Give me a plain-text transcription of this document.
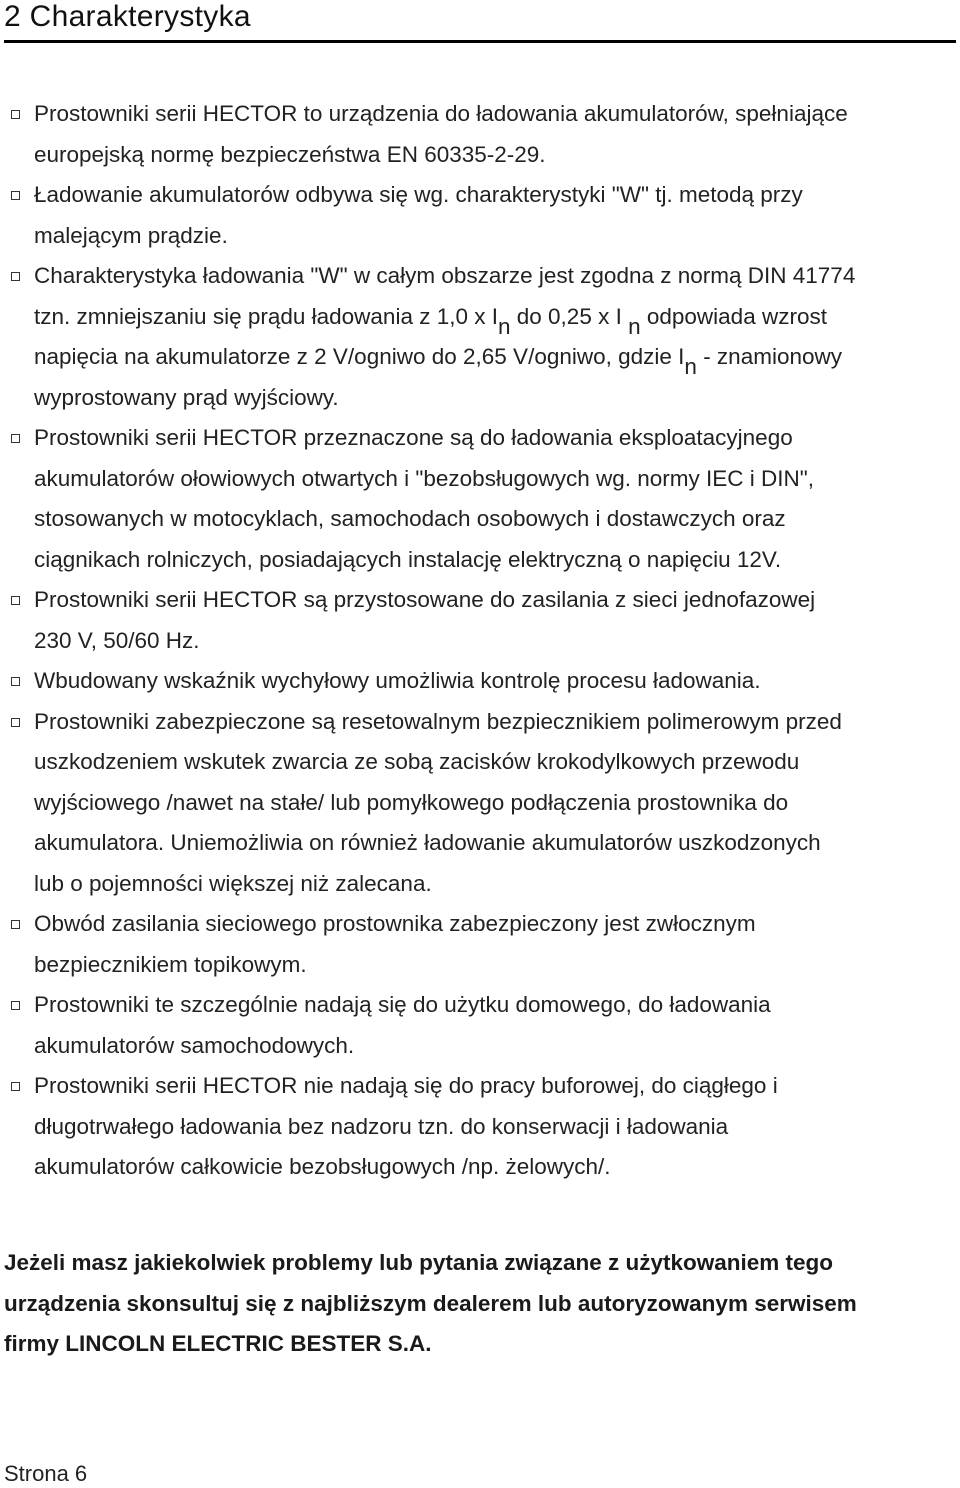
2 Charakterystyka
Prostowniki serii HECTOR to urządzenia do ładowania akumulatorów, spełniające europejską normę bezpieczeństwa EN 60335-2-29.
Ładowanie akumulatorów odbywa się wg. charakterystyki "W" tj. metodą przy malejącym prądzie.
Charakterystyka ładowania "W" w całym obszarze jest zgodna z normą DIN 41774 tzn. zmniejszaniu się prądu ładowania z 1,0 x In do 0,25 x I n odpowiada wzrost napięcia na akumulatorze z 2 V/ogniwo do 2,65 V/ogniwo, gdzie In - znamionowy wyprostowany prąd wyjściowy.
Prostowniki serii HECTOR przeznaczone są do ładowania eksploatacyjnego akumulatorów ołowiowych otwartych i "bezobsługowych wg. normy IEC i DIN", stosowanych w motocyklach, samochodach osobowych i dostawczych oraz ciągnikach rolniczych, posiadających instalację elektryczną o napięciu 12V.
Prostowniki serii HECTOR są przystosowane do zasilania z sieci jednofazowej 230 V, 50/60 Hz.
Wbudowany wskaźnik wychyłowy umożliwia kontrolę procesu ładowania.
Prostowniki zabezpieczone są resetowalnym bezpiecznikiem polimerowym przed uszkodzeniem wskutek zwarcia ze sobą zacisków krokodylkowych przewodu wyjściowego /nawet na stałe/ lub pomyłkowego podłączenia prostownika do akumulatora. Uniemożliwia on również ładowanie akumulatorów uszkodzonych lub o pojemności większej niż zalecana.
Obwód zasilania sieciowego prostownika zabezpieczony jest zwłocznym bezpiecznikiem topikowym.
Prostowniki te szczególnie nadają się do użytku domowego, do ładowania akumulatorów samochodowych.
Prostowniki serii HECTOR nie nadają się do pracy buforowej, do ciągłego i długotrwałego ładowania bez nadzoru tzn. do konserwacji i ładowania akumulatorów całkowicie bezobsługowych /np. żelowych/.

Jeżeli masz jakiekolwiek problemy lub pytania związane z użytkowaniem tego urządzenia skonsultuj się z najbliższym dealerem lub autoryzowanym serwisem firmy LINCOLN ELECTRIC BESTER S.A.

Strona 6
